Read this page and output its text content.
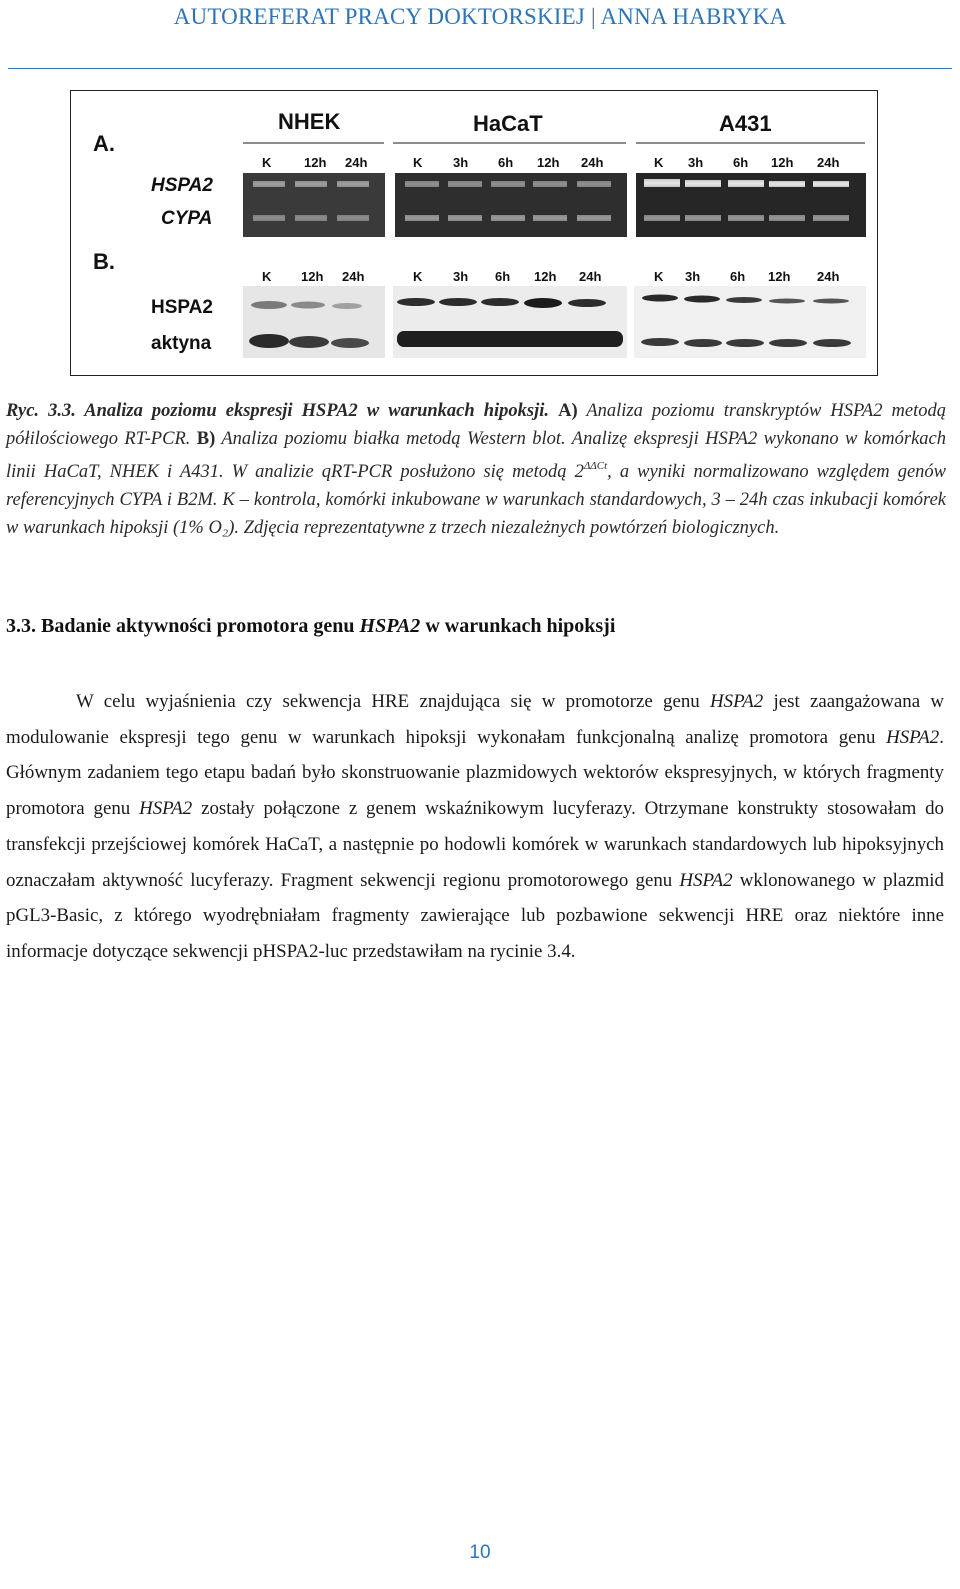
AUTOREFERAT PRACY DOKTORSKIEJ | ANNA HABRYKA
A.
B.
NHEK	HaCaT	A431
HSPA2
CYPA
K	12h 24h	K 3h 6h 12h 24h	K 3h 6h 12h 24h
K 12h 24h	K 3h 6h 12h 24h	K 3h 6h 12h 24h
HSPA2
aktyna
Ryc. 3.3. Analiza poziomu ekspresji HSPA2 w warunkach hipoksji. A) Analiza poziomu transkryptów HSPA2 metodą półilościowego RT-PCR. B) Analiza poziomu białka metodą Western blot. Analizę ekspresji HSPA2 wykonano w komórkach linii HaCaT, NHEK i A431. W analizie qRT-PCR posłużono się metodą $2^{\Delta\Delta Ct}$, a wyniki normalizowano względem genów referencyjnych CYPA i B2M. K – kontrola, komórki inkubowane w warunkach standardowych, 3 – 24h czas inkubacji komórek w warunkach hipoksji (1% O₂). Zdjęcia reprezentatywne z trzech niezależnych powtórzeń biologicznych.
3.3. Badanie aktywności promotora genu HSPA2 w warunkach hipoksji
W celu wyjaśnienia czy sekwencja HRE znajdująca się w promotorze genu HSPA2 jest zaangażowana w modulowanie ekspresji tego genu w warunkach hipoksji wykonałam funkcjonalną analizę promotora genu HSPA2. Głównym zadaniem tego etapu badań było skonstruowanie plazmidowych wektorów ekspresyjnych, w których fragmenty promotora genu HSPA2 zostały połączone z genem wskaźnikowym lucyferazy. Otrzymane konstrukty stosowałam do transfekcji przejściowej komórek HaCaT, a następnie po hodowli komórek w warunkach standardowych lub hipoksyjnych oznaczałam aktywność lucyferazy. Fragment sekwencji regionu promotorowego genu HSPA2 wklonowanego w plazmid pGL3-Basic, z którego wyodrębniałam fragmenty zawierające lub pozbawione sekwencji HRE oraz niektóre inne informacje dotyczące sekwencji pHSPA2-luc przedstawiłam na rycinie 3.4.
10
